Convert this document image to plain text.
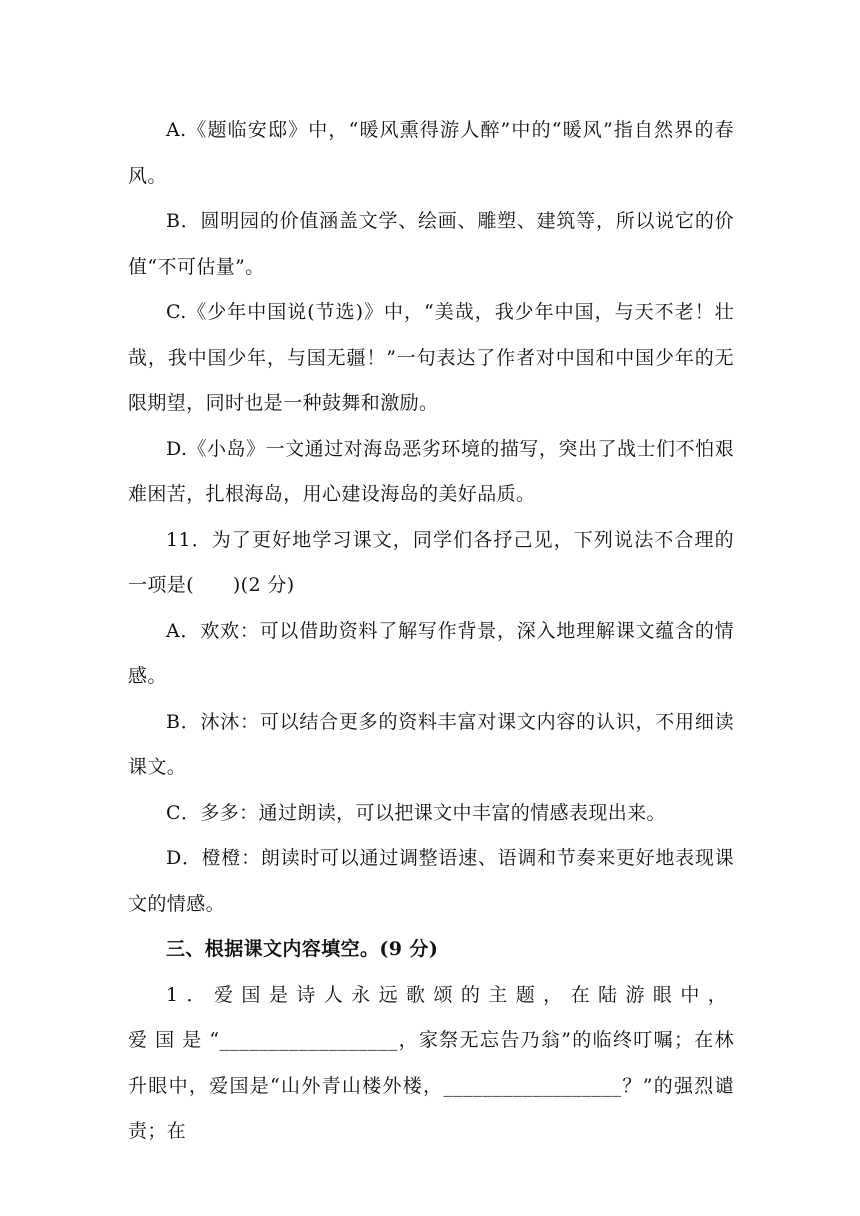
A.《题临安邸》中，“暖风熏得游人醉”中的“暖风”指自然界的春风。

B．圆明园的价值涵盖文学、绘画、雕塑、建筑等，所以说它的价值“不可估量”。

C.《少年中国说(节选)》中，“美哉，我少年中国，与天不老！壮哉，我中国少年，与国无疆！”一句表达了作者对中国和中国少年的无限期望，同时也是一种鼓舞和激励。

D.《小岛》一文通过对海岛恶劣环境的描写，突出了战士们不怕艰难困苦，扎根海岛，用心建设海岛的美好品质。

11．为了更好地学习课文，同学们各抒己见，下列说法不合理的一项是(　　)(2 分)

A．欢欢：可以借助资料了解写作背景，深入地理解课文蕴含的情感。

B．沐沐：可以结合更多的资料丰富对课文内容的认识，不用细读课文。

C．多多：通过朗读，可以把课文中丰富的情感表现出来。

D．橙橙：朗读时可以通过调整语速、语调和节奏来更好地表现课文的情感。

三、根据课文内容填空。(9 分)

1．爱国是诗人永远歌颂的主题，在陆游眼中，爱国是“__________________，家祭无忘告乃翁”的临终叮嘱；在林升眼中，爱国是“山外青山楼外楼，__________________？”的强烈谴责；在
